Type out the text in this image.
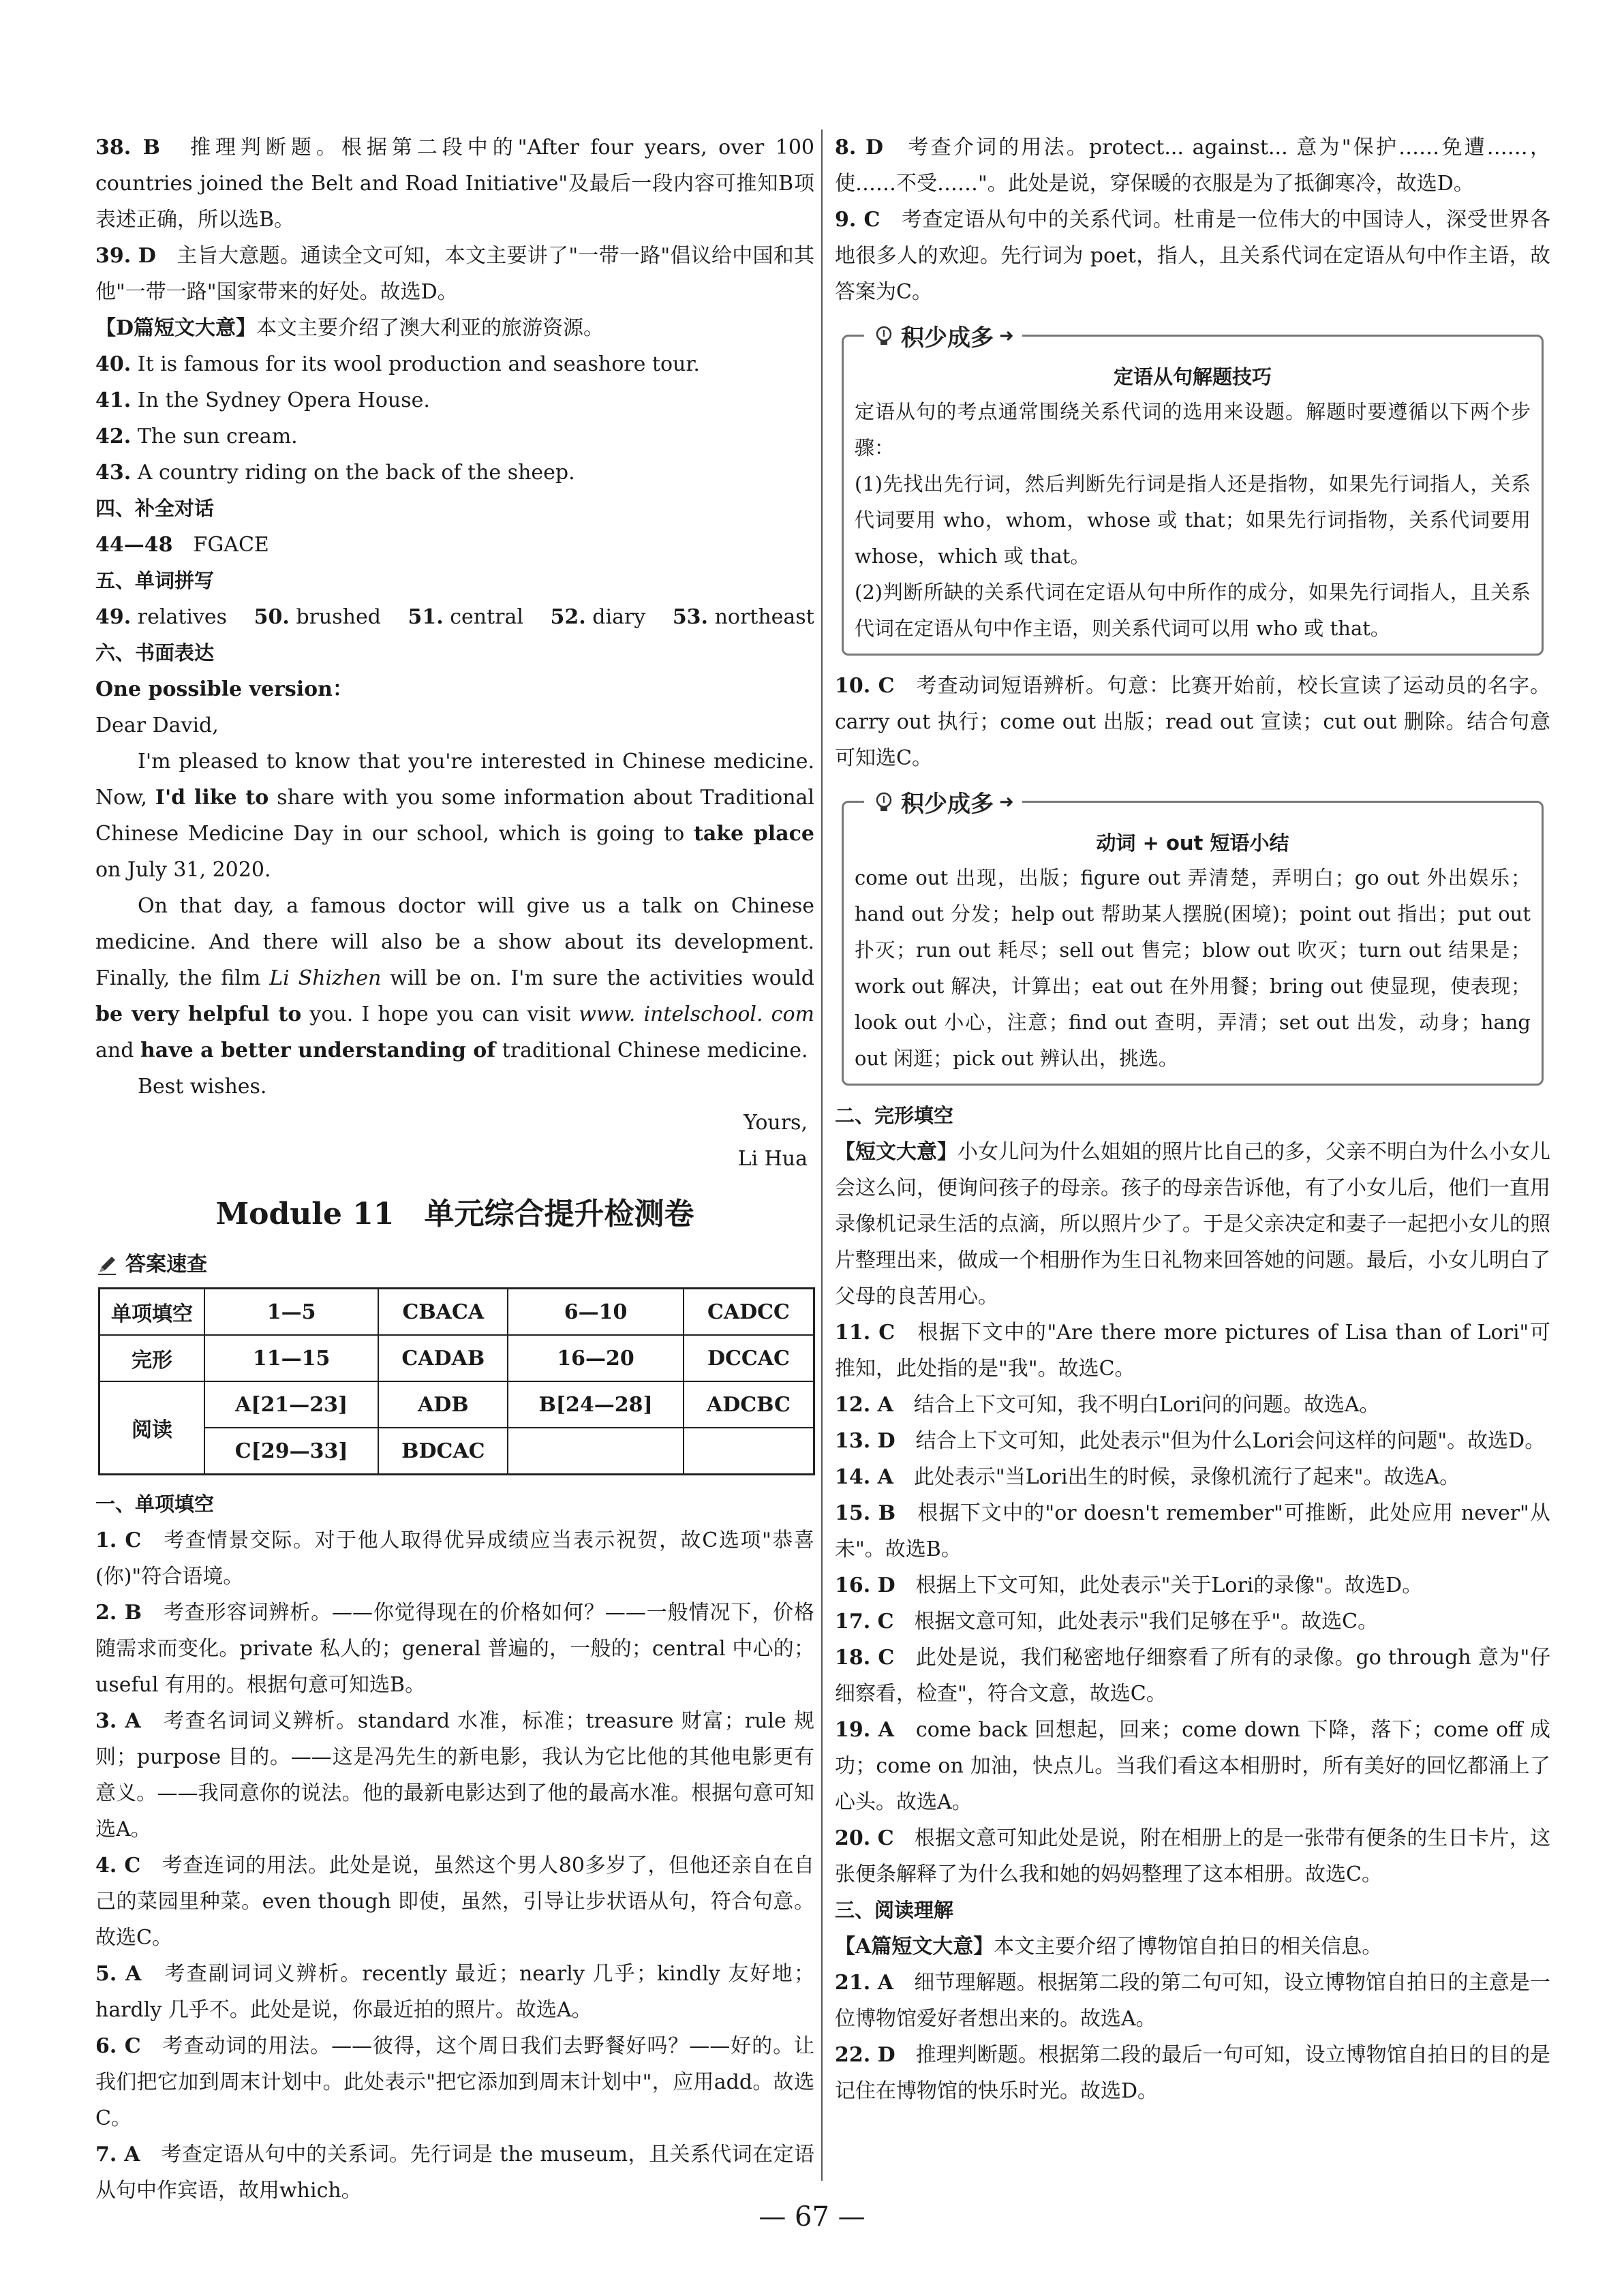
38. B　 推理判断题。根据第二段中的"After four years, over 100 countries joined the Belt and Road Initiative"及最后一段内容可推知B项表述正确，所以选B。

39. D　 主旨大意题。通读全文可知，本文主要讲了"一带一路"倡议给中国和其他"一带一路"国家带来的好处。故选D。

【D篇短文大意】本文主要介绍了澳大利亚的旅游资源。

40. It is famous for its wool production and seashore tour.

41. In the Sydney Opera House.

42. The sun cream.

43. A country riding on the back of the sheep.

四、补全对话

44—48　 FGACE

五、单词拼写

49. relatives　 50. brushed　 51. central　 52. diary　 53. northeast

六、书面表达

One possible version：

Dear David,

I'm pleased to know that you're interested in Chinese medicine. Now, I'd like to share with you some information about Traditional Chinese Medicine Day in our school, which is going to take place on July 31, 2020.

On that day, a famous doctor will give us a talk on Chinese medicine. And there will also be a show about its development. Finally, the film Li Shizhen will be on. I'm sure the activities would be very helpful to you. I hope you can visit www. intelschool. com and have a better understanding of traditional Chinese medicine.

Best wishes.

Yours,

Li Hua

Module 11　单元综合提升检测卷

答案速查
单项填空	1—5	CBACA	6—10	CADCC
完形	11—15	CADAB	16—20	DCCAC
阅读	A[21—23]	ADB	B[24—28]	ADCBC
	C[29—33]	BDCAC		

一、单项填空

1. C　 考查情景交际。对于他人取得优异成绩应当表示祝贺，故C选项"恭喜(你)"符合语境。

2. B　 考查形容词辨析。——你觉得现在的价格如何？——一般情况下，价格随需求而变化。private 私人的；general 普遍的，一般的；central 中心的；useful 有用的。根据句意可知选B。

3. A　 考查名词词义辨析。standard 水准，标准；treasure 财富；rule 规则；purpose 目的。——这是冯先生的新电影，我认为它比他的其他电影更有意义。——我同意你的说法。他的最新电影达到了他的最高水准。根据句意可知选A。

4. C　 考查连词的用法。此处是说，虽然这个男人80多岁了，但他还亲自在自己的菜园里种菜。even though 即使，虽然，引导让步状语从句，符合句意。故选C。

5. A　 考查副词词义辨析。recently 最近；nearly 几乎；kindly 友好地；hardly 几乎不。此处是说，你最近拍的照片。故选A。

6. C　 考查动词的用法。——彼得，这个周日我们去野餐好吗？——好的。让我们把它加到周末计划中。此处表示"把它添加到周末计划中"，应用add。故选C。

7. A　 考查定语从句中的关系词。先行词是 the museum，且关系代词在定语从句中作宾语，故用which。

8. D　 考查介词的用法。protect... against... 意为"保护……免遭……，使……不受……"。此处是说，穿保暖的衣服是为了抵御寒冷，故选D。

9. C　 考查定语从句中的关系代词。杜甫是一位伟大的中国诗人，深受世界各地很多人的欢迎。先行词为 poet，指人，且关系代词在定语从句中作主语，故答案为C。

积少成多 ➜

定语从句解题技巧

定语从句的考点通常围绕关系代词的选用来设题。解题时要遵循以下两个步骤：

(1)先找出先行词，然后判断先行词是指人还是指物，如果先行词指人，关系代词要用 who，whom，whose 或 that；如果先行词指物，关系代词要用 whose，which 或 that。

(2)判断所缺的关系代词在定语从句中所作的成分，如果先行词指人，且关系代词在定语从句中作主语，则关系代词可以用 who 或 that。

10. C　 考查动词短语辨析。句意：比赛开始前，校长宣读了运动员的名字。carry out 执行；come out 出版；read out 宣读；cut out 删除。结合句意可知选C。

积少成多 ➜

动词 + out 短语小结

come out 出现，出版；figure out 弄清楚，弄明白；go out 外出娱乐；hand out 分发；help out 帮助某人摆脱(困境)；point out 指出；put out 扑灭；run out 耗尽；sell out 售完；blow out 吹灭；turn out 结果是；work out 解决，计算出；eat out 在外用餐；bring out 使显现，使表现；look out 小心，注意；find out 查明，弄清；set out 出发，动身；hang out 闲逛；pick out 辨认出，挑选。

二、完形填空

【短文大意】小女儿问为什么姐姐的照片比自己的多，父亲不明白为什么小女儿会这么问，便询问孩子的母亲。孩子的母亲告诉他，有了小女儿后，他们一直用录像机记录生活的点滴，所以照片少了。于是父亲决定和妻子一起把小女儿的照片整理出来，做成一个相册作为生日礼物来回答她的问题。最后，小女儿明白了父母的良苦用心。

11. C　 根据下文中的"Are there more pictures of Lisa than of Lori"可推知，此处指的是"我"。故选C。

12. A　 结合上下文可知，我不明白Lori问的问题。故选A。

13. D　 结合上下文可知，此处表示"但为什么Lori会问这样的问题"。故选D。

14. A　 此处表示"当Lori出生的时候，录像机流行了起来"。故选A。

15. B　 根据下文中的"or doesn't remember"可推断，此处应用 never"从未"。故选B。

16. D　 根据上下文可知，此处表示"关于Lori的录像"。故选D。

17. C　 根据文意可知，此处表示"我们足够在乎"。故选C。

18. C　 此处是说，我们秘密地仔细察看了所有的录像。go through 意为"仔细察看，检查"，符合文意，故选C。

19. A　 come back 回想起，回来；come down 下降，落下；come off 成功；come on 加油，快点儿。当我们看这本相册时，所有美好的回忆都涌上了心头。故选A。

20. C　 根据文意可知此处是说，附在相册上的是一张带有便条的生日卡片，这张便条解释了为什么我和她的妈妈整理了这本相册。故选C。

三、阅读理解

【A篇短文大意】本文主要介绍了博物馆自拍日的相关信息。

21. A　 细节理解题。根据第二段的第二句可知，设立博物馆自拍日的主意是一位博物馆爱好者想出来的。故选A。

22. D　 推理判断题。根据第二段的最后一句可知，设立博物馆自拍日的目的是记住在博物馆的快乐时光。故选D。

— 67 —
